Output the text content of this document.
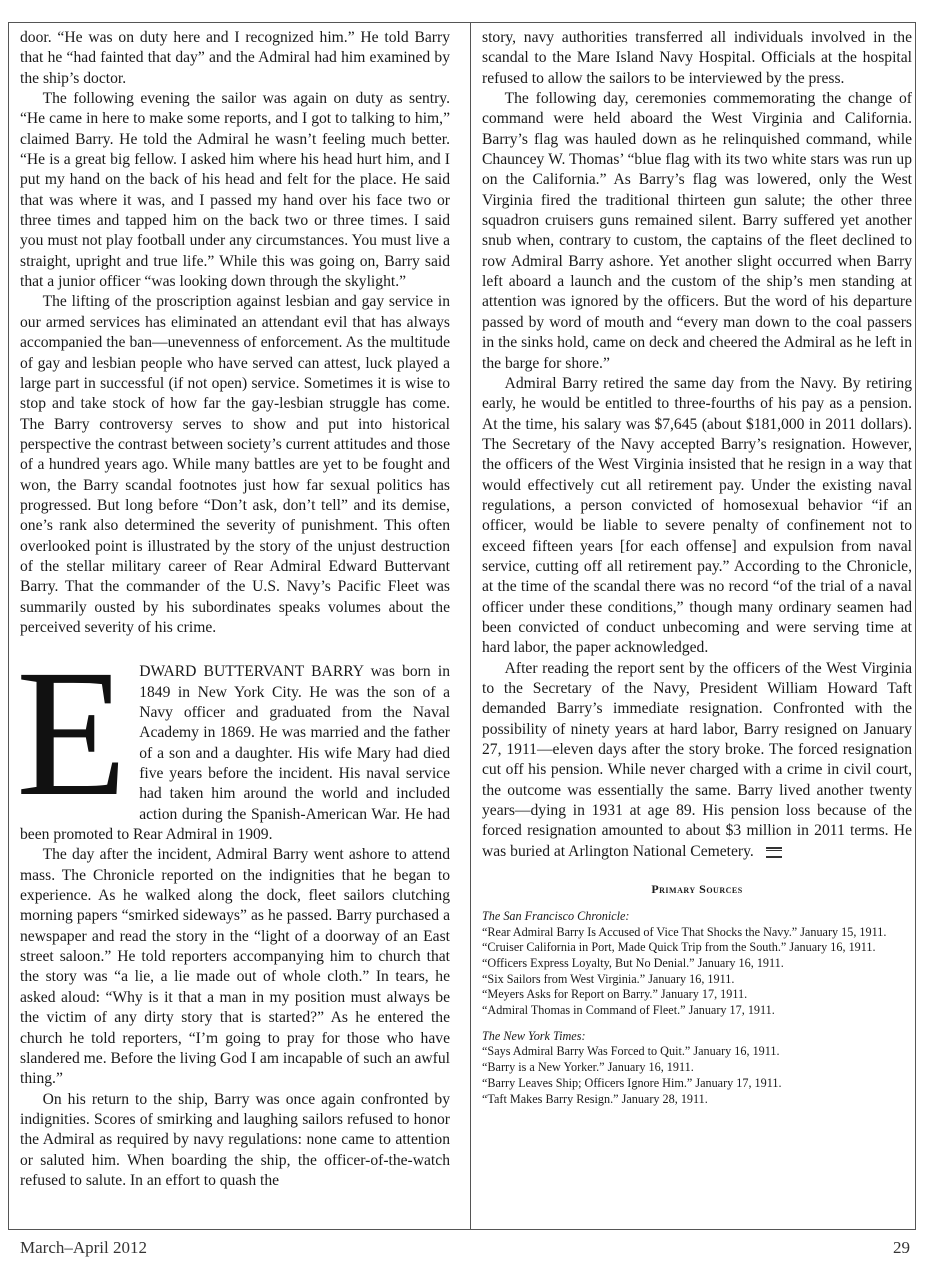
door. “He was on duty here and I recognized him.” He told Barry that he “had fainted that day” and the Admiral had him examined by the ship’s doctor.

The following evening the sailor was again on duty as sentry. “He came in here to make some reports, and I got to talking to him,” claimed Barry. He told the Admiral he wasn’t feeling much better. “He is a great big fellow. I asked him where his head hurt him, and I put my hand on the back of his head and felt for the place. He said that was where it was, and I passed my hand over his face two or three times and tapped him on the back two or three times. I said you must not play football under any circumstances. You must live a straight, upright and true life.” While this was going on, Barry said that a junior officer “was looking down through the skylight.”

The lifting of the proscription against lesbian and gay service in our armed services has eliminated an attendant evil that has always accompanied the ban—unevenness of enforcement. As the multitude of gay and lesbian people who have served can attest, luck played a large part in successful (if not open) service. Sometimes it is wise to stop and take stock of how far the gay-lesbian struggle has come. The Barry controversy serves to show and put into historical perspective the contrast between society’s current attitudes and those of a hundred years ago. While many battles are yet to be fought and won, the Barry scandal footnotes just how far sexual politics has progressed. But long before “Don’t ask, don’t tell” and its demise, one’s rank also determined the severity of punishment. This often overlooked point is illustrated by the story of the unjust destruction of the stellar military career of Rear Admiral Edward Buttervant Barry. That the commander of the U.S. Navy’s Pacific Fleet was summarily ousted by his subordinates speaks volumes about the perceived severity of his crime.

EDWARD BUTTERVANT BARRY was born in 1849 in New York City. He was the son of a Navy officer and graduated from the Naval Academy in 1869. He was married and the father of a son and a daughter. His wife Mary had died five years before the incident. His naval service had taken him around the world and included action during the Spanish-American War. He had been promoted to Rear Admiral in 1909.

The day after the incident, Admiral Barry went ashore to attend mass. The Chronicle reported on the indignities that he began to experience. As he walked along the dock, fleet sailors clutching morning papers “smirked sideways” as he passed. Barry purchased a newspaper and read the story in the “light of a doorway of an East street saloon.” He told reporters accompanying him to church that the story was “a lie, a lie made out of whole cloth.” In tears, he asked aloud: “Why is it that a man in my position must always be the victim of any dirty story that is started?” As he entered the church he told reporters, “I’m going to pray for those who have slandered me. Before the living God I am incapable of such an awful thing.”

On his return to the ship, Barry was once again confronted by indignities. Scores of smirking and laughing sailors refused to honor the Admiral as required by navy regulations: none came to attention or saluted him. When boarding the ship, the officer-of-the-watch refused to salute. In an effort to quash the

story, navy authorities transferred all individuals involved in the scandal to the Mare Island Navy Hospital. Officials at the hospital refused to allow the sailors to be interviewed by the press.

The following day, ceremonies commemorating the change of command were held aboard the West Virginia and California. Barry’s flag was hauled down as he relinquished command, while Chauncey W. Thomas’ “blue flag with its two white stars was run up on the California.” As Barry’s flag was lowered, only the West Virginia fired the traditional thirteen gun salute; the other three squadron cruisers guns remained silent. Barry suffered yet another snub when, contrary to custom, the captains of the fleet declined to row Admiral Barry ashore. Yet another slight occurred when Barry left aboard a launch and the custom of the ship’s men standing at attention was ignored by the officers. But the word of his departure passed by word of mouth and “every man down to the coal passers in the sinks hold, came on deck and cheered the Admiral as he left in the barge for shore.”

Admiral Barry retired the same day from the Navy. By retiring early, he would be entitled to three-fourths of his pay as a pension. At the time, his salary was $7,645 (about $181,000 in 2011 dollars). The Secretary of the Navy accepted Barry’s resignation. However, the officers of the West Virginia insisted that he resign in a way that would effectively cut all retirement pay. Under the existing naval regulations, a person convicted of homosexual behavior “if an officer, would be liable to severe penalty of confinement not to exceed fifteen years [for each offense] and expulsion from naval service, cutting off all retirement pay.” According to the Chronicle, at the time of the scandal there was no record “of the trial of a naval officer under these conditions,” though many ordinary seamen had been convicted of conduct unbecoming and were serving time at hard labor, the paper acknowledged.

After reading the report sent by the officers of the West Virginia to the Secretary of the Navy, President William Howard Taft demanded Barry’s immediate resignation. Confronted with the possibility of ninety years at hard labor, Barry resigned on January 27, 1911—eleven days after the story broke. The forced resignation cut off his pension. While never charged with a crime in civil court, the outcome was essentially the same. Barry lived another twenty years—dying in 1931 at age 89. His pension loss because of the forced resignation amounted to about $3 million in 2011 terms. He was buried at Arlington National Cemetery.

Primary Sources
The San Francisco Chronicle:
“Rear Admiral Barry Is Accused of Vice That Shocks the Navy.” January 15, 1911.
“Cruiser California in Port, Made Quick Trip from the South.” January 16, 1911.
“Officers Express Loyalty, But No Denial.” January 16, 1911.
“Six Sailors from West Virginia.” January 16, 1911.
“Meyers Asks for Report on Barry.” January 17, 1911.
“Admiral Thomas in Command of Fleet.” January 17, 1911.
The New York Times:
“Says Admiral Barry Was Forced to Quit.” January 16, 1911.
“Barry is a New Yorker.” January 16, 1911.
“Barry Leaves Ship; Officers Ignore Him.” January 17, 1911.
“Taft Makes Barry Resign.” January 28, 1911.
March–April 2012	29
